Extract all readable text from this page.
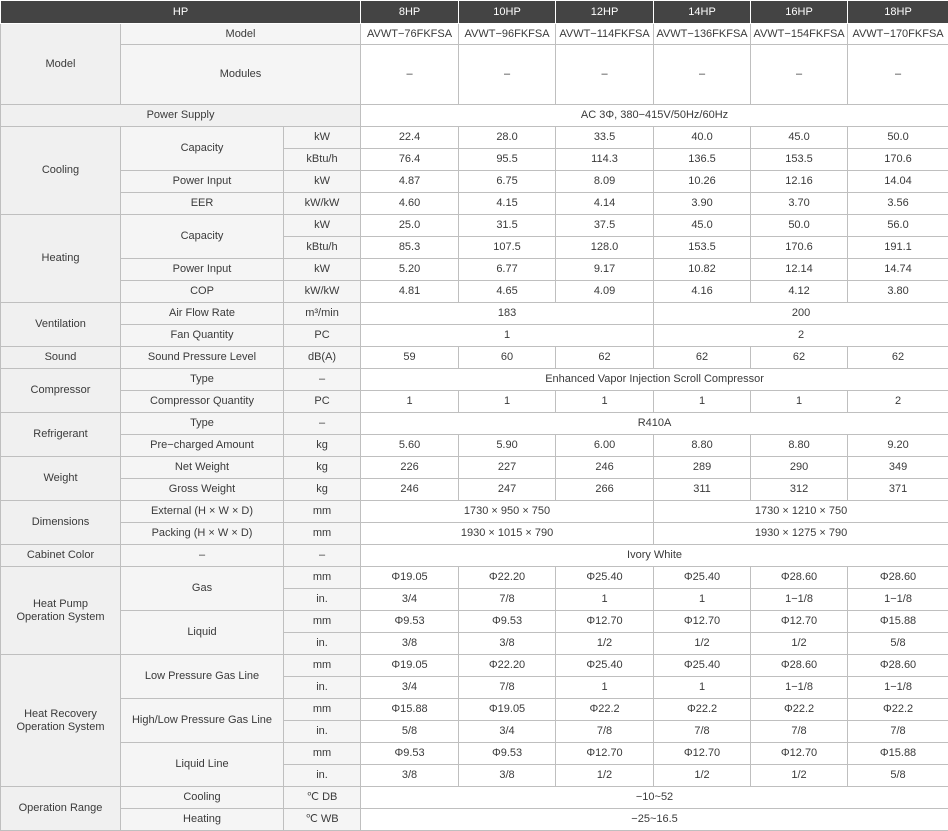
HP			8HP	10HP	12HP	14HP	16HP	18HP
Model	Model		AVWT−76FKFSA	AVWT−96FKFSA	AVWT−114FKFSA	AVWT−136FKFSA	AVWT−154FKFSA	AVWT−170FKFSA
	Modules		–	–	–	–	–	–
Power Supply			AC 3Φ, 380−415V/50Hz/60Hz					
Cooling	Capacity	kW	22.4	28.0	33.5	40.0	45.0	50.0
		kBtu/h	76.4	95.5	114.3	136.5	153.5	170.6
	Power Input	kW	4.87	6.75	8.09	10.26	12.16	14.04
	EER	kW/kW	4.60	4.15	4.14	3.90	3.70	3.56
Heating	Capacity	kW	25.0	31.5	37.5	45.0	50.0	56.0
		kBtu/h	85.3	107.5	128.0	153.5	170.6	191.1
	Power Input	kW	5.20	6.77	9.17	10.82	12.14	14.74
	COP	kW/kW	4.81	4.65	4.09	4.16	4.12	3.80
Ventilation	Air Flow Rate	m³/min	183			200		
	Fan Quantity	PC	1			2		
Sound	Sound Pressure Level	dB(A)	59	60	62	62	62	62
Compressor	Type	–	Enhanced Vapor Injection Scroll Compressor					
	Compressor Quantity	PC	1	1	1	1	1	2
Refrigerant	Type	–	R410A					
	Pre−charged Amount	kg	5.60	5.90	6.00	8.80	8.80	9.20
Weight	Net Weight	kg	226	227	246	289	290	349
	Gross Weight	kg	246	247	266	311	312	371
Dimensions	External (H × W × D)	mm	1730 × 950 × 750			1730 × 1210 × 750		
	Packing (H × W × D)	mm	1930 × 1015 × 790			1930 × 1275 × 790		
Cabinet Color	–	–	Ivory White					
Heat Pump
Operation System	Gas	mm	Φ19.05	Φ22.20	Φ25.40	Φ25.40	Φ28.60	Φ28.60
		in.	3/4	7/8	1	1	1−1/8	1−1/8
	Liquid	mm	Φ9.53	Φ9.53	Φ12.70	Φ12.70	Φ12.70	Φ15.88
		in.	3/8	3/8	1/2	1/2	1/2	5/8
Heat Recovery
Operation System	Low Pressure Gas Line	mm	Φ19.05	Φ22.20	Φ25.40	Φ25.40	Φ28.60	Φ28.60
		in.	3/4	7/8	1	1	1−1/8	1−1/8
	High/Low Pressure Gas Line	mm	Φ15.88	Φ19.05	Φ22.2	Φ22.2	Φ22.2	Φ22.2
		in.	5/8	3/4	7/8	7/8	7/8	7/8
	Liquid Line	mm	Φ9.53	Φ9.53	Φ12.70	Φ12.70	Φ12.70	Φ15.88
		in.	3/8	3/8	1/2	1/2	1/2	5/8
Operation Range	Cooling	℃ DB	−10~52					
	Heating	℃ WB	−25~16.5					
